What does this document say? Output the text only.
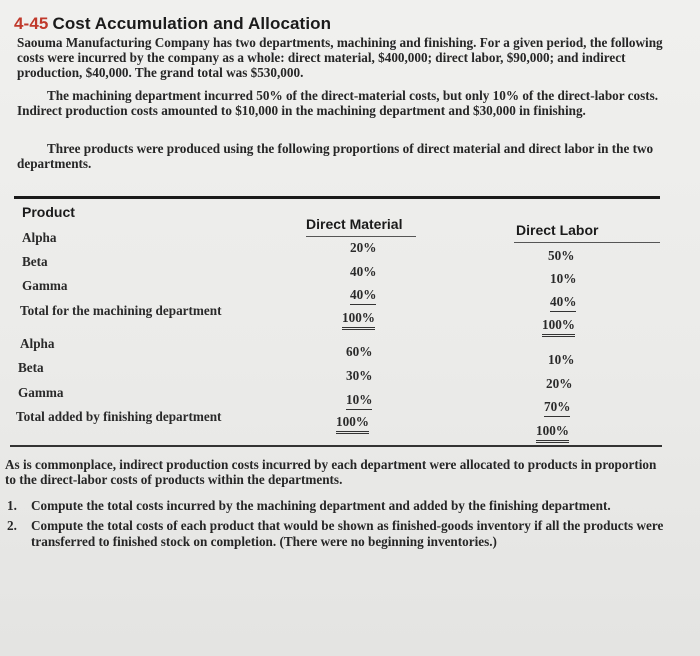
4-45 Cost Accumulation and Allocation
Saouma Manufacturing Company has two departments, machining and finishing. For a given period, the following costs were incurred by the company as a whole: direct material, $400,000; direct labor, $90,000; and indirect production, $40,000. The grand total was $530,000.
The machining department incurred 50% of the direct-material costs, but only 10% of the direct-labor costs. Indirect production costs amounted to $10,000 in the machining department and $30,000 in finishing.
Three products were produced using the following proportions of direct material and direct labor in the two departments.
Product
Direct Material	Direct Labor
Alpha
Beta
Gamma
Total for the machining department
20%
40%
40%
100%
50%
10%
40%
100%
Alpha
Beta
Gamma
Total added by finishing department
60%
30%
10%
100%
10%
20%
70%
100%
As is commonplace, indirect production costs incurred by each department were allocated to products in proportion to the direct-labor costs of products within the departments.
1. Compute the total costs incurred by the machining department and added by the finishing department.
2. Compute the total costs of each product that would be shown as finished-goods inventory if all the products were transferred to finished stock on completion. (There were no beginning inventories.)
